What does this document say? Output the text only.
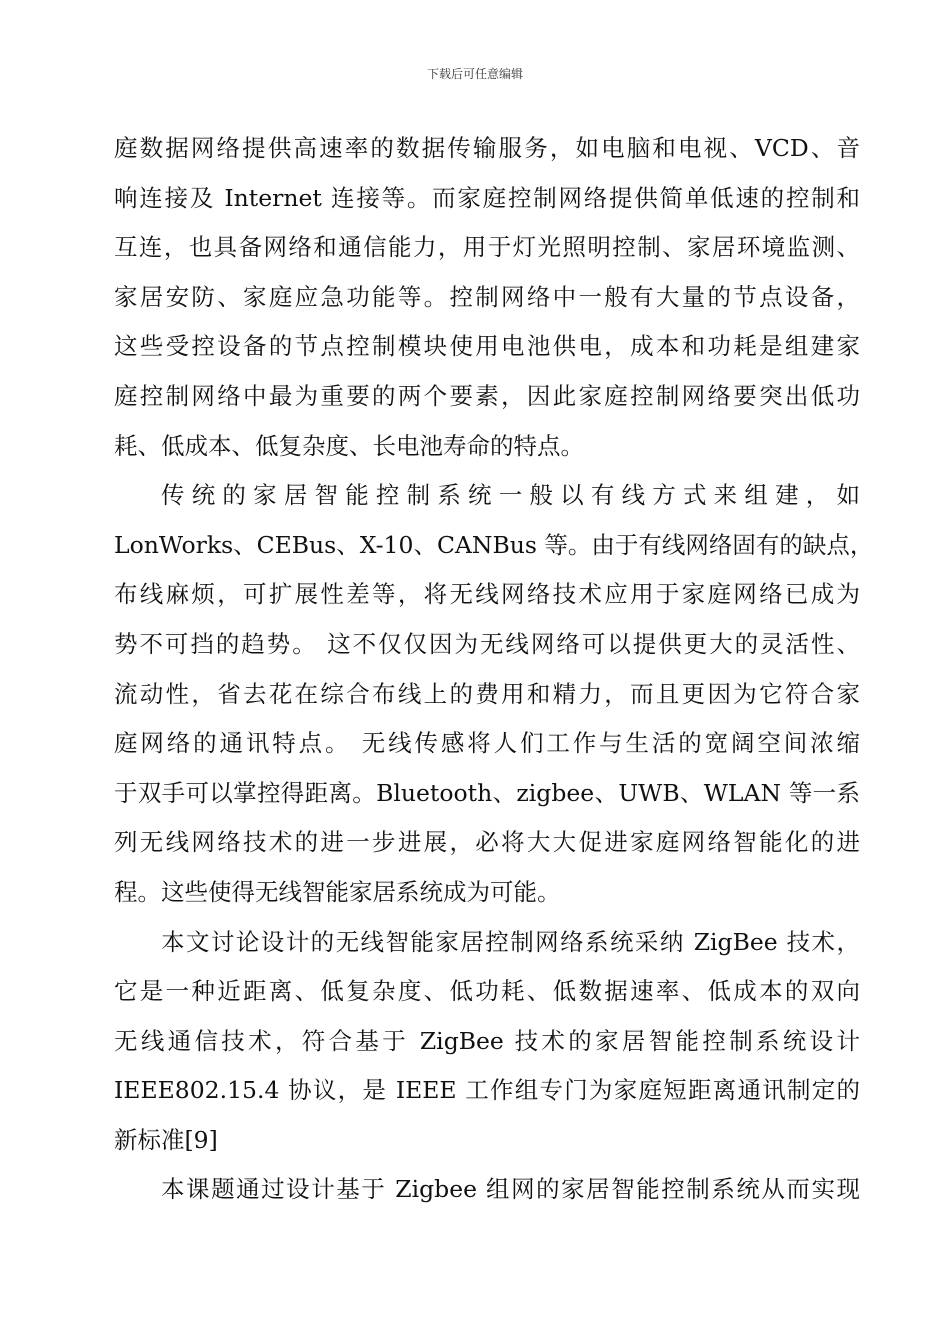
下载后可任意编辑
庭数据网络提供高速率的数据传输服务，如电脑和电视、VCD、音
响连接及 Internet 连接等。而家庭控制网络提供简单低速的控制和
互连，也具备网络和通信能力，用于灯光照明控制、家居环境监测、
家居安防、家庭应急功能等。控制网络中一般有大量的节点设备，
这些受控设备的节点控制模块使用电池供电，成本和功耗是组建家
庭控制网络中最为重要的两个要素，因此家庭控制网络要突出低功
耗、低成本、低复杂度、长电池寿命的特点。
传统的家居智能控制系统一般以有线方式来组建，如
LonWorks、CEBus、X-10、CANBus 等。由于有线网络固有的缺点，
布线麻烦，可扩展性差等，将无线网络技术应用于家庭网络已成为
势不可挡的趋势。 这不仅仅因为无线网络可以提供更大的灵活性、
流动性，省去花在综合布线上的费用和精力，而且更因为它符合家
庭网络的通讯特点。 无线传感将人们工作与生活的宽阔空间浓缩
于双手可以掌控得距离。Bluetooth、zigbee、UWB、WLAN 等一系
列无线网络技术的进一步进展，必将大大促进家庭网络智能化的进
程。这些使得无线智能家居系统成为可能。
本文讨论设计的无线智能家居控制网络系统采纳 ZigBee 技术，
它是一种近距离、低复杂度、低功耗、低数据速率、低成本的双向
无线通信技术，符合基于 ZigBee 技术的家居智能控制系统设计
IEEE802.15.4 协议，是 IEEE 工作组专门为家庭短距离通讯制定的
新标准[9]
本课题通过设计基于 Zigbee 组网的家居智能控制系统从而实现
